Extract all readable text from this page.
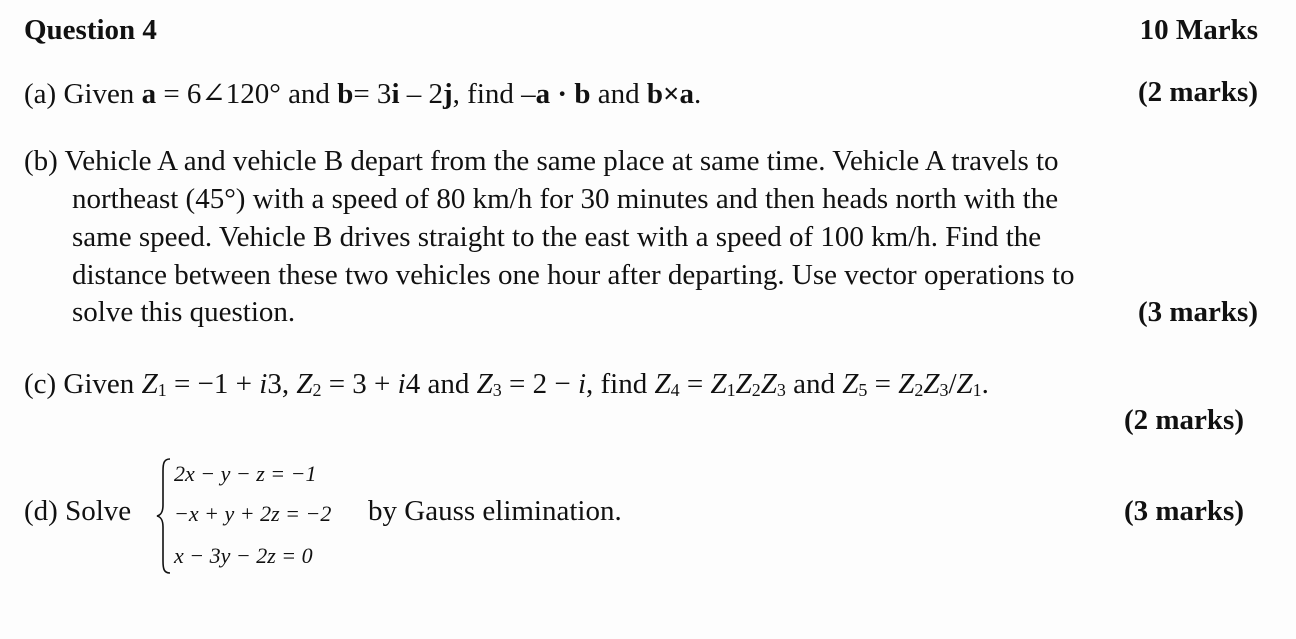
Question 4	10 Marks
(a) Given a = 6∠120° and b= 3i – 2j, find –a · b and b×a.	(2 marks)
(b) Vehicle A and vehicle B depart from the same place at same time. Vehicle A travels to
northeast (45°) with a speed of 80 km/h for 30 minutes and then heads north with the
same speed. Vehicle B drives straight to the east with a speed of 100 km/h. Find the
distance between these two vehicles one hour after departing. Use vector operations to
solve this question.	(3 marks)
(c) Given $Z_1 = -1 + i3$, $Z_2 = 3 + i4$ and $Z_3 = 2 - i$, find $Z_4 = Z_1Z_2Z_3$ and $Z_5 = Z_2Z_3/Z_1$.
(2 marks)
(d) Solve
2x − y − z = −1
−x + y + 2z = −2
x − 3y − 2z = 0
by Gauss elimination.	(3 marks)
